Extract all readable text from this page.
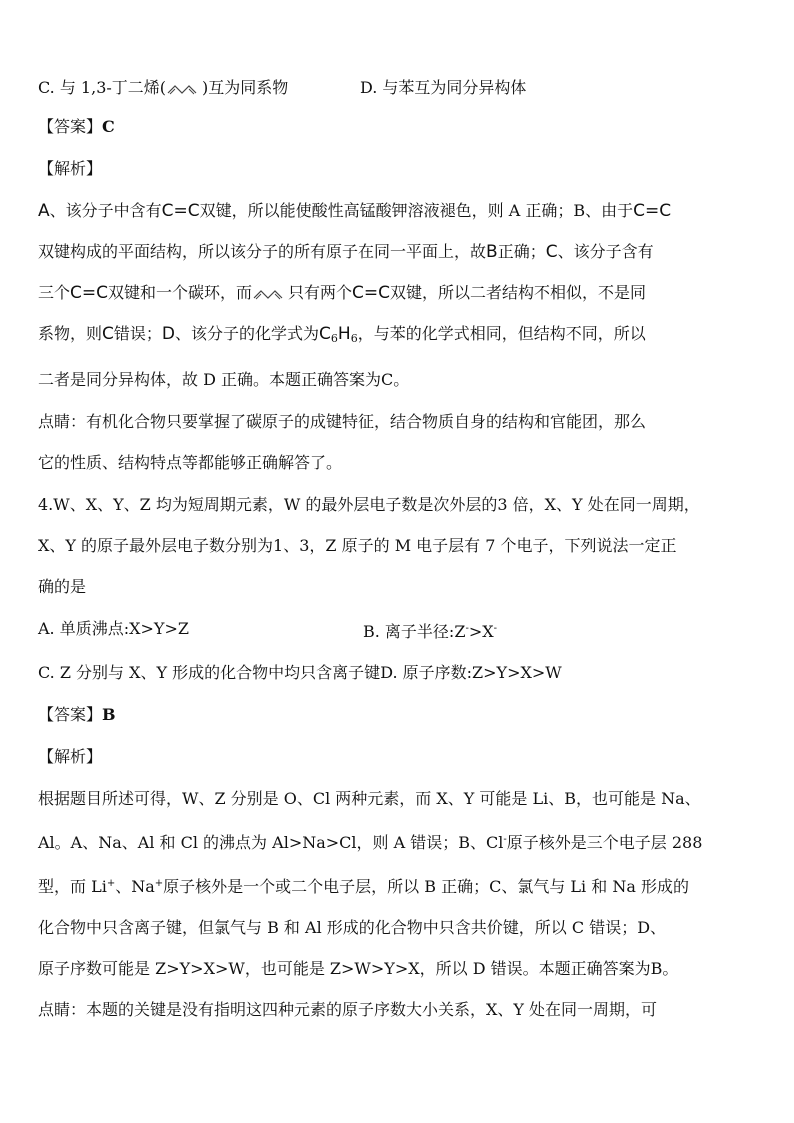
C. 与 1,3-丁二烯( )互为同系物	D. 与苯互为同分异构体
【答案】C
【解析】
A、该分子中含有C=C双键，所以能使酸性高锰酸钾溶液褪色，则 A 正确；B、由于C=C
双键构成的平面结构，所以该分子的所有原子在同一平面上，故B正确；C、该分子含有
三个C=C双键和一个碳环，而 只有两个C=C双键，所以二者结构不相似，不是同
系物，则C错误；D、该分子的化学式为$C_6H_6$，与苯的化学式相同，但结构不同，所以
二者是同分异构体，故 D 正确。本题正确答案为C。
点睛：有机化合物只要掌握了碳原子的成键特征，结合物质自身的结构和官能团，那么
它的性质、结构特点等都能够正确解答了。
4.W、X、Y、Z 均为短周期元素，W 的最外层电子数是次外层的3 倍，X、Y 处在同一周期，
X、Y 的原子最外层电子数分别为1、3，Z 原子的 M 电子层有 7 个电子，下列说法一定正
确的是
A. 单质沸点:X>Y>Z	B. 离子半径:Z->X-
C. Z 分别与 X、Y 形成的化合物中均只含离子键D. 原子序数:Z>Y>X>W
【答案】B
【解析】
根据题目所述可得，W、Z 分别是 O、Cl 两种元素，而 X、Y 可能是 Li、B，也可能是 Na、
Al。A、Na、Al 和 Cl 的沸点为 Al>Na>Cl，则 A 错误；B、Cl-原子核外是三个电子层 288
型，而 Li+、Na+原子核外是一个或二个电子层，所以 B 正确；C、氯气与 Li 和 Na 形成的
化合物中只含离子键，但氯气与 B 和 Al 形成的化合物中只含共价键，所以 C 错误；D、
原子序数可能是 Z>Y>X>W，也可能是 Z>W>Y>X，所以 D 错误。本题正确答案为B。
点睛：本题的关键是没有指明这四种元素的原子序数大小关系，X、Y 处在同一周期，可
